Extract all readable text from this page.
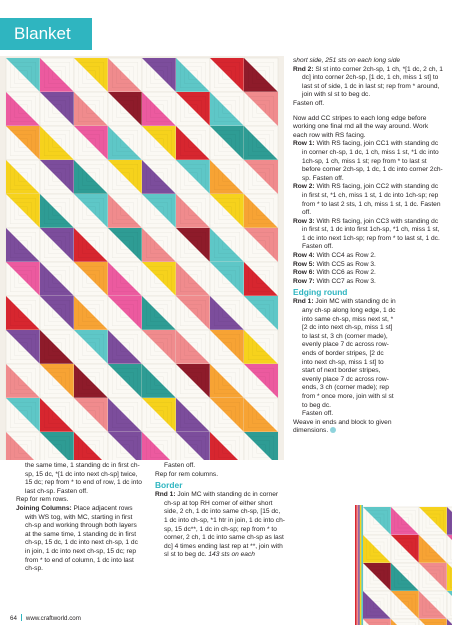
Blanket

short side, 251 sts on each long side

Rnd 2: Sl st into corner 2ch-sp, 1 ch, *[1 dc, 2 ch, 1 dc] into corner 2ch-sp, [1 dc, 1 ch, miss 1 st] to last st of side, 1 dc in last st; rep from * around, join with sl st to beg dc.

Fasten off.

Now add CC stripes to each long edge before working one final rnd all the way around. Work each row with RS facing.

Row 1: With RS facing, join CC1 with standing dc in corner ch-sp, 1 dc, 1 ch, miss 1 st, *1 dc into 1ch-sp, 1 ch, miss 1 st; rep from * to last st before corner 2ch-sp, 1 dc, 1 dc into corner 2ch-sp. Fasten off.

Row 2: With RS facing, join CC2 with standing dc in first st, *1 ch, miss 1 st, 1 dc into 1ch-sp; rep from * to last 2 sts, 1 ch, miss 1 st, 1 dc. Fasten off.

Row 3: With RS facing, join CC3 with standing dc in first st, 1 dc into first 1ch-sp, *1 ch, miss 1 st, 1 dc into next 1ch-sp; rep from * to last st, 1 dc. Fasten off.

Row 4: With CC4 as Row 2.

Row 5: With CC5 as Row 3.

Row 6: With CC6 as Row 2.

Row 7: With CC7 as Row 3.

Edging round

Rnd 1: Join MC with standing dc in any ch-sp along long edge, 1 dc into same ch-sp, miss next st, *[2 dc into next ch-sp, miss 1 st] to last st, 3 ch (corner made), evenly place 7 dc across row-ends of border stripes, [2 dc into next ch-sp, miss 1 st] to start of next border stripes, evenly place 7 dc across row-ends, 3 ch (corner made); rep from * once more, join with sl st to beg dc.

Fasten off.

Weave in ends and block to given dimensions.

the same time, 1 standing dc in first ch-sp, 15 dc, *[1 dc into next ch-sp] twice, 15 dc; rep from * to end of row, 1 dc into last ch-sp. Fasten off.

Rep for rem rows.

Joining Columns: Place adjacent rows with WS tog, with MC, starting in first ch-sp and working through both layers at the same time, 1 standing dc in first ch-sp, 15 dc, 1 dc into next ch-sp, 1 dc in join, 1 dc into next ch-sp, 15 dc; rep from * to end of column, 1 dc into last ch-sp.

Fasten off.

Rep for rem columns.

Border

Rnd 1: Join MC with standing dc in corner ch-sp at top RH corner of either short side, 2 ch, 1 dc into same ch-sp, [15 dc, 1 dc into ch-sp, *1 htr in join, 1 dc into ch-sp, 15 dc**, 1 dc in ch-sp; rep from * to corner, 2 ch, 1 dc into same ch-sp as last dc] 4 times ending last rep at **, join with sl st to beg dc. 143 sts on each

64 www.craftworld.com
